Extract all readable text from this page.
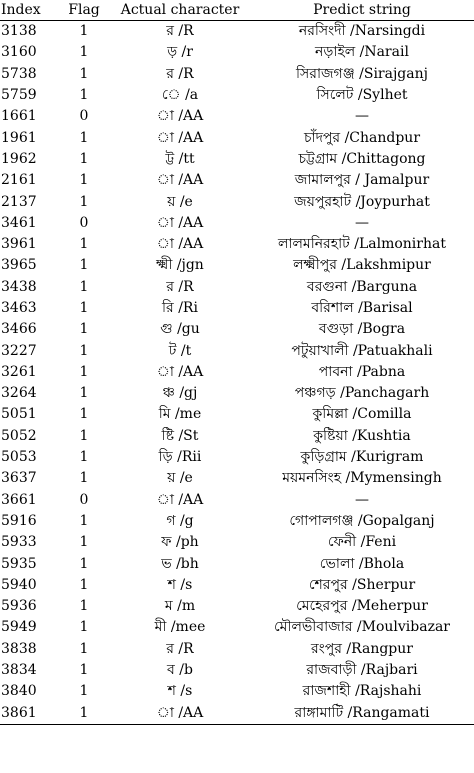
Index	Flag	Actual character	Predict string
3138	1	র /R	নরসিংদী /Narsingdi
3160	1	ড় /r	নড়াইল /Narail
5738	1	র /R	সিরাজগঞ্জ /Sirajganj
5759	1	ে /a	সিলেট /Sylhet
1661	0	া /AA	—
1961	1	া /AA	চাঁদপুর /Chandpur
1962	1	ট্ট /tt	চট্টগ্রাম /Chittagong
2161	1	া /AA	জামালপুর / Jamalpur
2137	1	য় /e	জয়পুরহাট /Joypurhat
3461	0	া /AA	—
3961	1	া /AA	লালমনিরহাট /Lalmonirhat
3965	1	ক্ষ্মী /jgn	লক্ষ্মীপুর /Lakshmipur
3438	1	র /R	বরগুনা /Barguna
3463	1	রি /Ri	বরিশাল /Barisal
3466	1	গু /gu	বগুড়া /Bogra
3227	1	ট /t	পটুয়াখালী /Patuakhali
3261	1	া /AA	পাবনা /Pabna
3264	1	ঞ্চ /gj	পঞ্চগড় /Panchagarh
5051	1	মি /me	কুমিল্লা /Comilla
5052	1	ষ্টি /St	কুষ্টিয়া /Kushtia
5053	1	ড়ি /Rii	কুড়িগ্রাম /Kurigram
3637	1	য় /e	ময়মনসিংহ /Mymensingh
3661	0	া /AA	—
5916	1	গ /g	গোপালগঞ্জ /Gopalganj
5933	1	ফ /ph	ফেনী /Feni
5935	1	ভ /bh	ভোলা /Bhola
5940	1	শ /s	শেরপুর /Sherpur
5936	1	ম /m	মেহেরপুর /Meherpur
5949	1	মী /mee	মৌলভীবাজার /Moulvibazar
3838	1	র /R	রংপুর /Rangpur
3834	1	ব /b	রাজবাড়ী /Rajbari
3840	1	শ /s	রাজশাহী /Rajshahi
3861	1	া /AA	রাঙ্গামাটি /Rangamati
